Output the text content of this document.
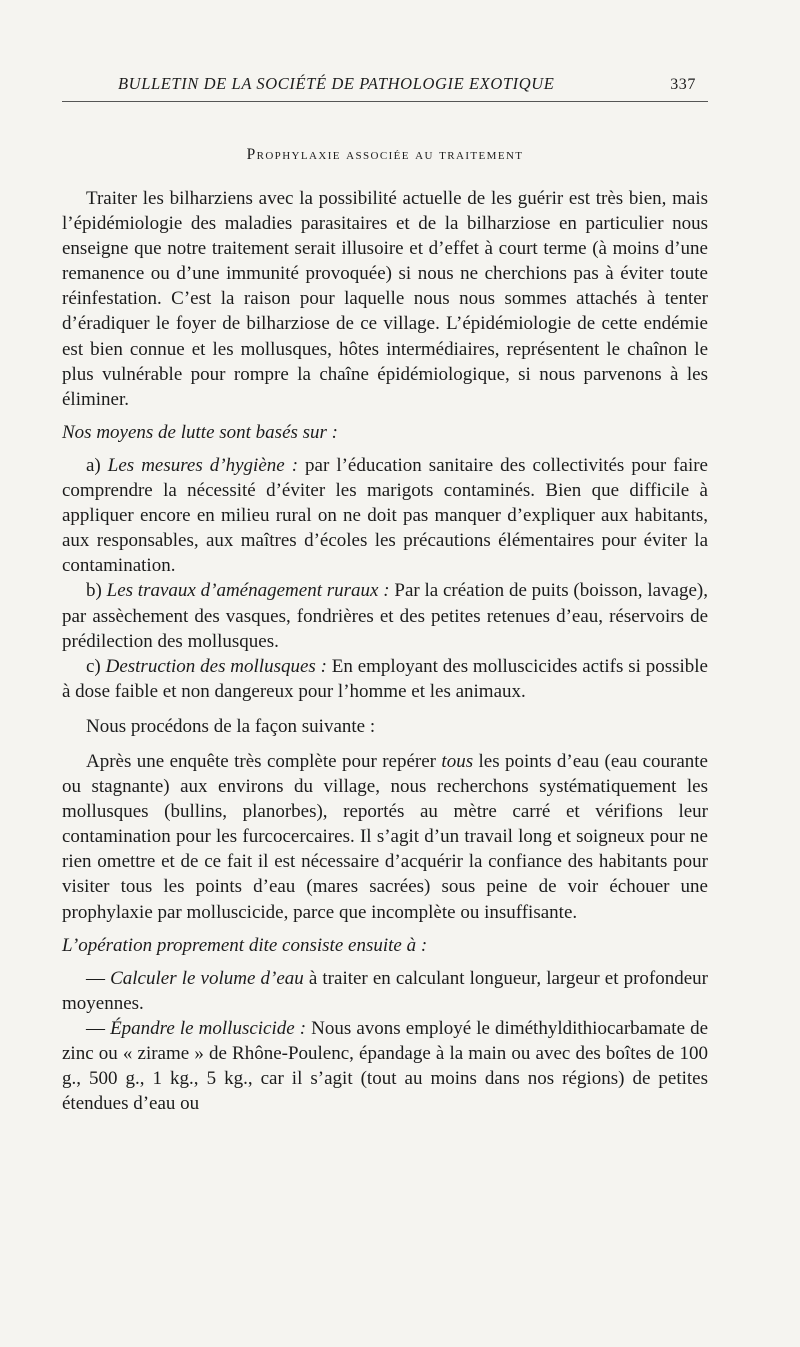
BULLETIN DE LA SOCIÉTÉ DE PATHOLOGIE EXOTIQUE	337
Prophylaxie associée au traitement

Traiter les bilharziens avec la possibilité actuelle de les guérir est très bien, mais l’épidémiologie des maladies parasitaires et de la bilharziose en particulier nous enseigne que notre traitement serait illusoire et d’effet à court terme (à moins d’une remanence ou d’une immunité provoquée) si nous ne cherchions pas à éviter toute réinfestation. C’est la raison pour laquelle nous nous sommes attachés à tenter d’éradiquer le foyer de bilharziose de ce village. L’épidémiologie de cette endémie est bien connue et les mollusques, hôtes intermédiaires, représentent le chaînon le plus vulnérable pour rompre la chaîne épidémiologique, si nous parvenons à les éliminer.

Nos moyens de lutte sont basés sur :

a) Les mesures d’hygiène : par l’éducation sanitaire des collectivités pour faire comprendre la nécessité d’éviter les marigots contaminés. Bien que difficile à appliquer encore en milieu rural on ne doit pas manquer d’expliquer aux habitants, aux responsables, aux maîtres d’écoles les précautions élémentaires pour éviter la contamination.

b) Les travaux d’aménagement ruraux : Par la création de puits (boisson, lavage), par assèchement des vasques, fondrières et des petites retenues d’eau, réservoirs de prédilection des mollusques.

c) Destruction des mollusques : En employant des molluscicides actifs si possible à dose faible et non dangereux pour l’homme et les animaux.

Nous procédons de la façon suivante :

Après une enquête très complète pour repérer tous les points d’eau (eau courante ou stagnante) aux environs du village, nous recherchons systématiquement les mollusques (bullins, planorbes), reportés au mètre carré et vérifions leur contamination pour les furcocercaires. Il s’agit d’un travail long et soigneux pour ne rien omettre et de ce fait il est nécessaire d’acquérir la confiance des habitants pour visiter tous les points d’eau (mares sacrées) sous peine de voir échouer une prophylaxie par molluscicide, parce que incomplète ou insuffisante.

L’opération proprement dite consiste ensuite à :

— Calculer le volume d’eau à traiter en calculant longueur, largeur et profondeur moyennes.

— Épandre le molluscicide : Nous avons employé le diméthyldithiocarbamate de zinc ou « zirame » de Rhône-Poulenc, épandage à la main ou avec des boîtes de 100 g., 500 g., 1 kg., 5 kg., car il s’agit (tout au moins dans nos régions) de petites étendues d’eau ou
